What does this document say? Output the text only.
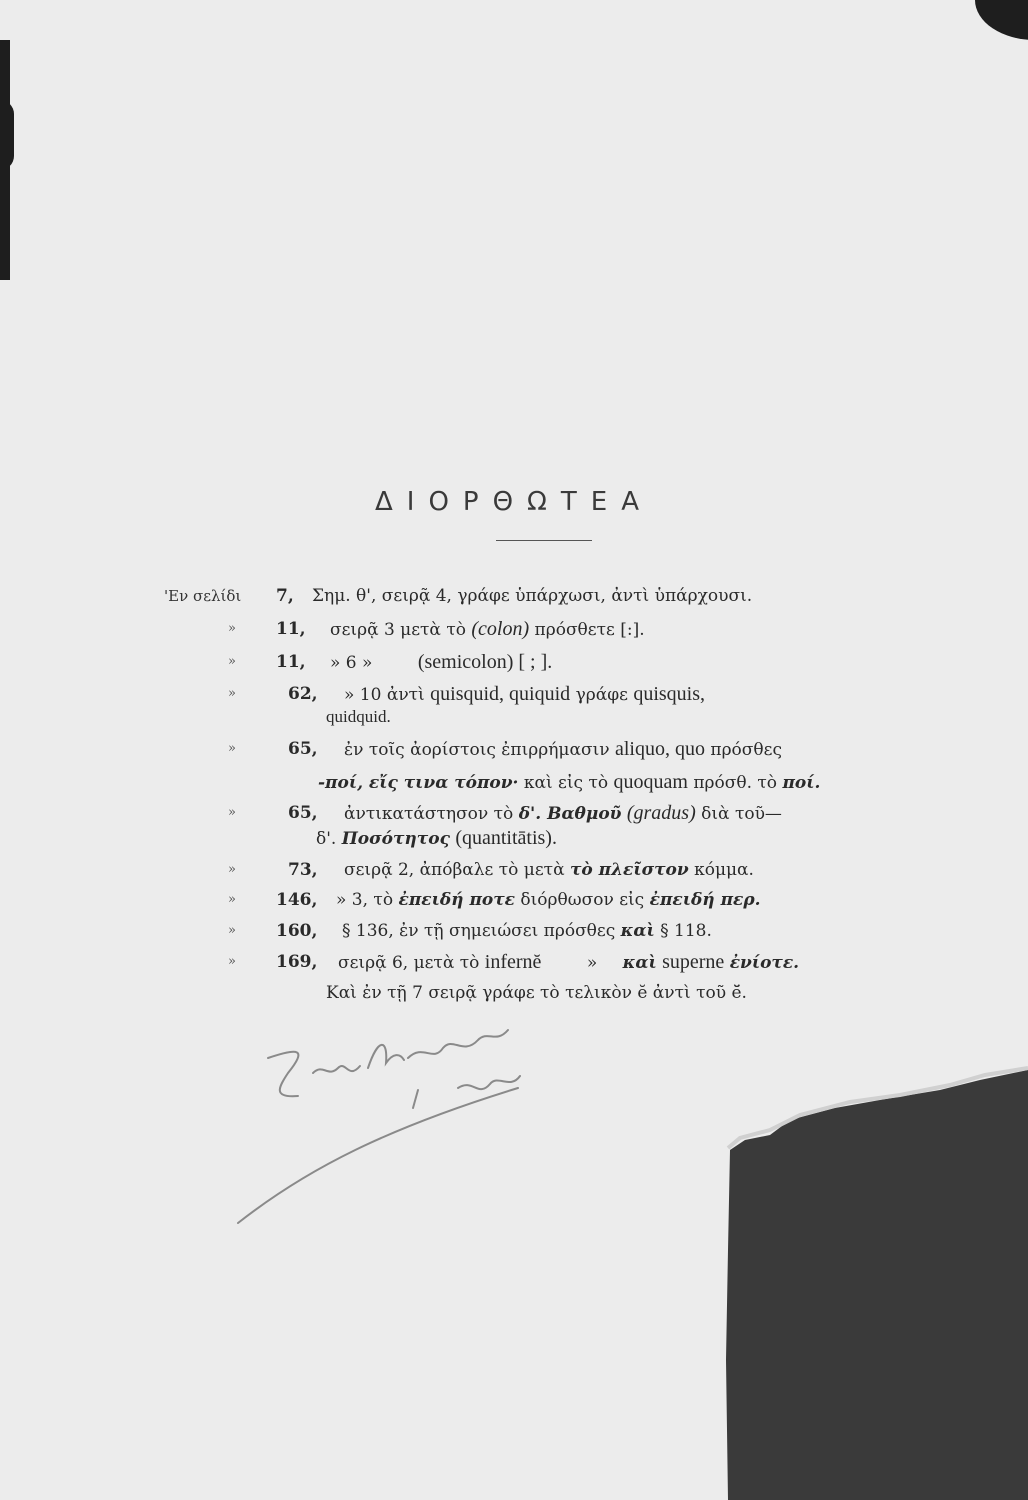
ΔΙΟΡΘΩΤΕΑ
'Εν σελίδι 7, Σημ. θ', σειρᾷ 4, γράφε ὑπάρχωσι, ἀντὶ ὑπάρχουσι.
» 11, σειρᾷ 3 μετὰ τὸ (colon) πρόσθετε [:].
» 11, » 6 » (semicolon) [ ; ].
»	62, » 10 ἀντὶ quisquid, quiquid γράφε quisquis,
quidquid.
»	65, ἐν τοῖς ἀορίστοις ἐπιρρήμασιν aliquo, quo πρόσθες
-ποί, εἴς τινα τόπον· καὶ εἰς τὸ quoquam πρόσθ. τὸ ποί.
»	65, ἀντικατάστησον τὸ δ'. Βαθμοῦ (gradus) διὰ τοῦ—
δ'. Ποσότητος (quantitātis).
»	73, σειρᾷ 2, ἀπόβαλε τὸ μετὰ τὸ πλεῖστον κόμμα.
» 146, » 3, τὸ ἐπειδή ποτε διόρθωσον εἰς ἐπειδή περ.
» 160, § 136, ἐν τῇ σημειώσει πρόσθες καὶ § 118.
» 169, σειρᾷ 6, μετὰ τὸ infernĕ	» καὶ superne ἐνίοτε.
Καὶ ἐν τῇ 7 σειρᾷ γράφε τὸ τελικὸν ĕ ἀντὶ τοῦ ĕ̆.
